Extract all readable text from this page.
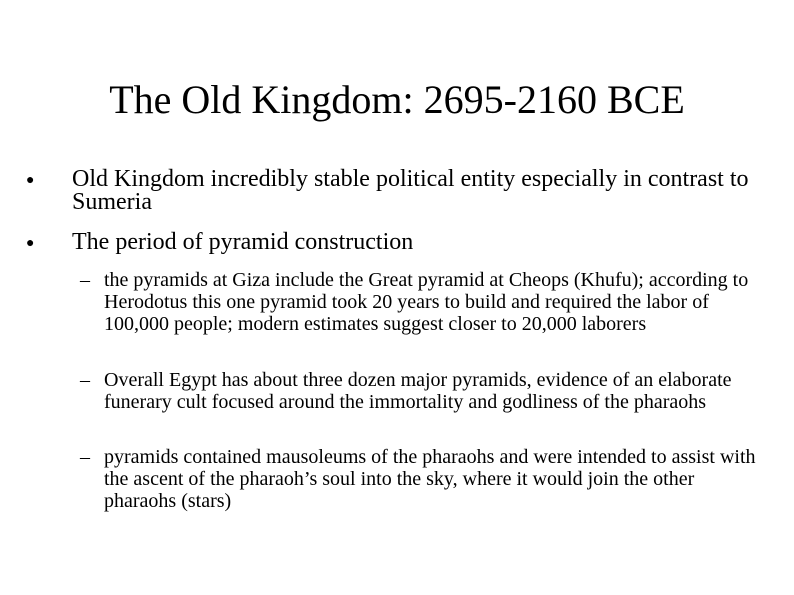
The Old Kingdom: 2695-2160 BCE
● Old Kingdom incredibly stable political entity especially in contrast to Sumeria
● The period of pyramid construction
– the pyramids at Giza include the Great pyramid at Cheops (Khufu); according to Herodotus this one pyramid took 20 years to build and required the labor of 100,000 people; modern estimates suggest closer to 20,000 laborers
– Overall Egypt has about three dozen major pyramids, evidence of an elaborate funerary cult focused around the immortality and godliness of the pharaohs
– pyramids contained mausoleums of the pharaohs and were intended to assist with the ascent of the pharaoh’s soul into the sky, where it would join the other pharaohs (stars)
